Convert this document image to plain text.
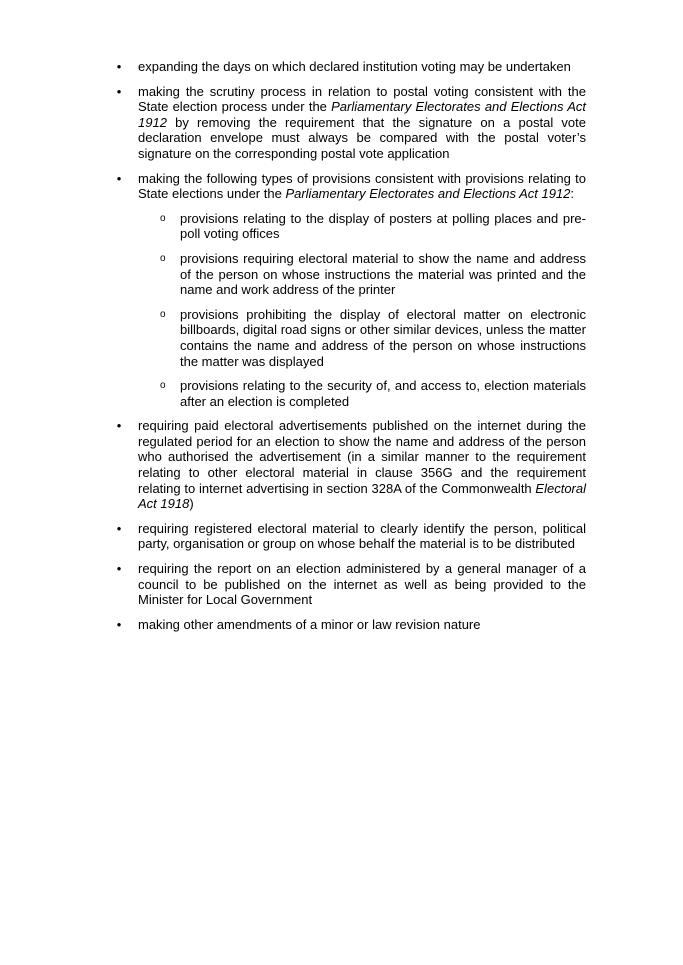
• expanding the days on which declared institution voting may be undertaken
• making the scrutiny process in relation to postal voting consistent with the State election process under the Parliamentary Electorates and Elections Act 1912 by removing the requirement that the signature on a postal vote declaration envelope must always be compared with the postal voter’s signature on the corresponding postal vote application
• making the following types of provisions consistent with provisions relating to State elections under the Parliamentary Electorates and Elections Act 1912:
o provisions relating to the display of posters at polling places and pre-poll voting offices
o provisions requiring electoral material to show the name and address of the person on whose instructions the material was printed and the name and work address of the printer
o provisions prohibiting the display of electoral matter on electronic billboards, digital road signs or other similar devices, unless the matter contains the name and address of the person on whose instructions the matter was displayed
o provisions relating to the security of, and access to, election materials after an election is completed
• requiring paid electoral advertisements published on the internet during the regulated period for an election to show the name and address of the person who authorised the advertisement (in a similar manner to the requirement relating to other electoral material in clause 356G and the requirement relating to internet advertising in section 328A of the Commonwealth Electoral Act 1918)
• requiring registered electoral material to clearly identify the person, political party, organisation or group on whose behalf the material is to be distributed
• requiring the report on an election administered by a general manager of a council to be published on the internet as well as being provided to the Minister for Local Government
• making other amendments of a minor or law revision nature
